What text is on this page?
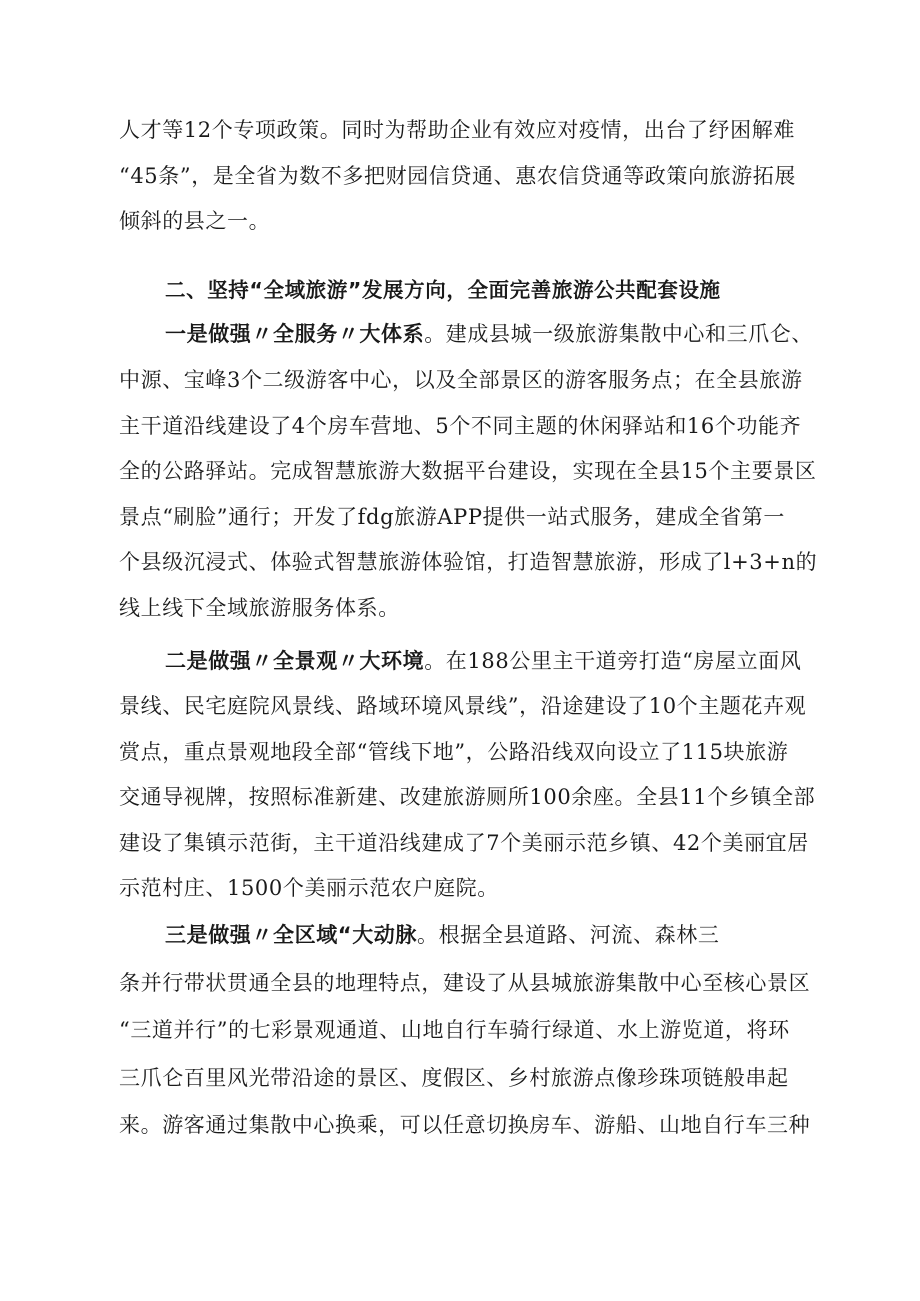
人才等12个专项政策。同时为帮助企业有效应对疫情，出台了纾困解难
“45条”，是全省为数不多把财园信贷通、惠农信贷通等政策向旅游拓展
倾斜的县之一。
二、坚持“全域旅游”发展方向，全面完善旅游公共配套设施
一是做强〃全服务〃大体系。建成县城一级旅游集散中心和三爪仑、
中源、宝峰3个二级游客中心，以及全部景区的游客服务点；在全县旅游
主干道沿线建设了4个房车营地、5个不同主题的休闲驿站和16个功能齐
全的公路驿站。完成智慧旅游大数据平台建设，实现在全县15个主要景区
景点“刷脸”通行；开发了fdg旅游APP提供一站式服务，建成全省第一
个县级沉浸式、体验式智慧旅游体验馆，打造智慧旅游，形成了l+3+n的
线上线下全域旅游服务体系。
二是做强〃全景观〃大环境。在188公里主干道旁打造“房屋立面风
景线、民宅庭院风景线、路域环境风景线”，沿途建设了10个主题花卉观
赏点，重点景观地段全部“管线下地”，公路沿线双向设立了115块旅游
交通导视牌，按照标准新建、改建旅游厕所100余座。全县11个乡镇全部
建设了集镇示范街，主干道沿线建成了7个美丽示范乡镇、42个美丽宜居
示范村庄、1500个美丽示范农户庭院。
三是做强〃全区域“大动脉。根据全县道路、河流、森林三
条并行带状贯通全县的地理特点，建设了从县城旅游集散中心至核心景区
“三道并行”的七彩景观通道、山地自行车骑行绿道、水上游览道，将环
三爪仑百里风光带沿途的景区、度假区、乡村旅游点像珍珠项链般串起
来。游客通过集散中心换乘，可以任意切换房车、游船、山地自行车三种
